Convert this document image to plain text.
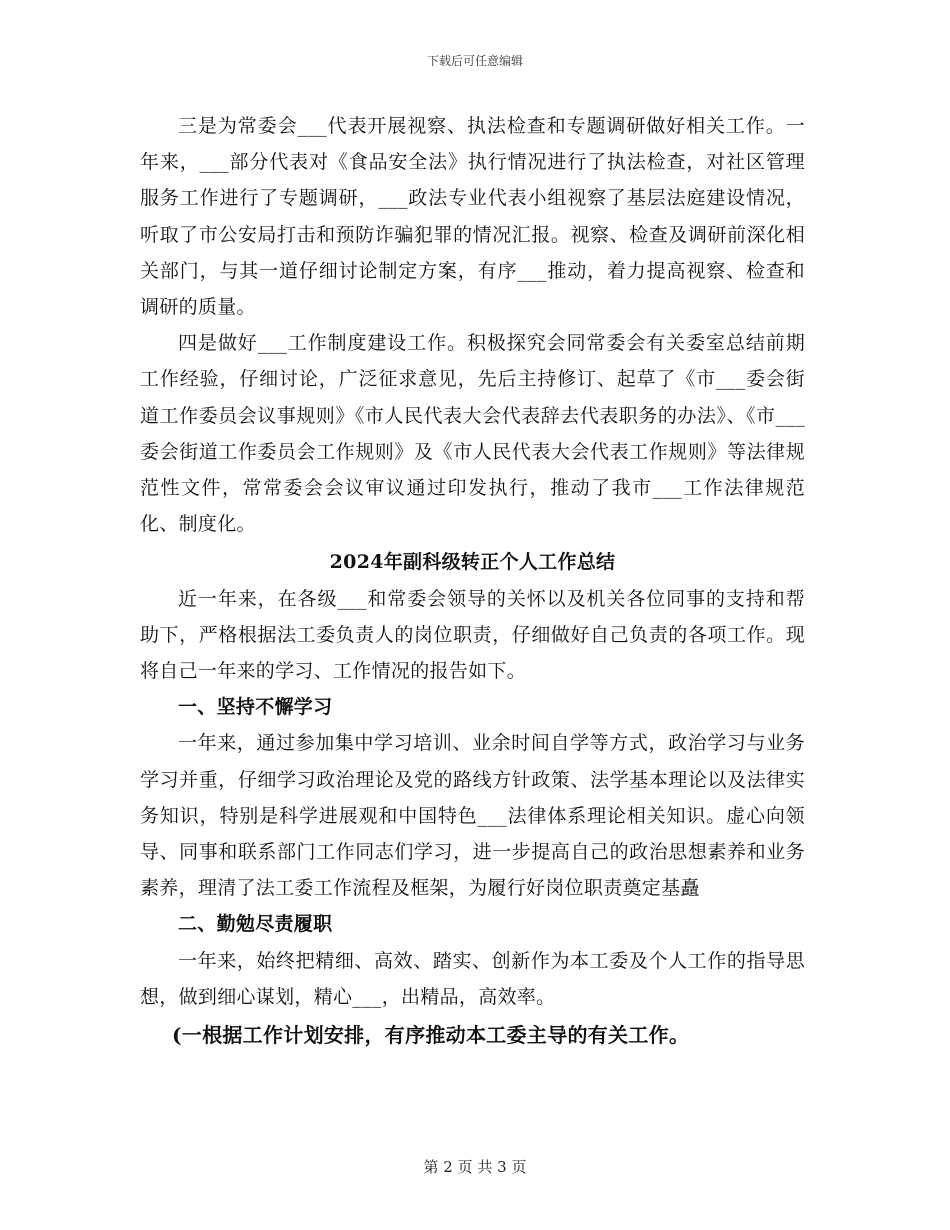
下载后可任意编辑

三是为常委会___代表开展视察、执法检查和专题调研做好相关工作。一年来，___部分代表对《食品安全法》执行情况进行了执法检查，对社区管理服务工作进行了专题调研，___政法专业代表小组视察了基层法庭建设情况，听取了市公安局打击和预防诈骗犯罪的情况汇报。视察、检查及调研前深化相关部门，与其一道仔细讨论制定方案，有序___推动，着力提高视察、检查和调研的质量。

四是做好___工作制度建设工作。积极探究会同常委会有关委室总结前期工作经验，仔细讨论，广泛征求意见，先后主持修订、起草了《市___委会街道工作委员会议事规则》《市人民代表大会代表辞去代表职务的办法》、《市___委会街道工作委员会工作规则》及《市人民代表大会代表工作规则》等法律规范性文件，常常委会会议审议通过印发执行，推动了我市___工作法律规范化、制度化。

2024年副科级转正个人工作总结

近一年来，在各级___和常委会领导的关怀以及机关各位同事的支持和帮助下，严格根据法工委负责人的岗位职责，仔细做好自己负责的各项工作。现将自己一年来的学习、工作情况的报告如下。

一、坚持不懈学习

一年来，通过参加集中学习培训、业余时间自学等方式，政治学习与业务学习并重，仔细学习政治理论及党的路线方针政策、法学基本理论以及法律实务知识，特别是科学进展观和中国特色___法律体系理论相关知识。虚心向领导、同事和联系部门工作同志们学习，进一步提高自己的政治思想素养和业务素养，理清了法工委工作流程及框架，为履行好岗位职责奠定基矗

二、勤勉尽责履职

一年来，始终把精细、高效、踏实、创新作为本工委及个人工作的指导思想，做到细心谋划，精心___，出精品，高效率。

(一根据工作计划安排，有序推动本工委主导的有关工作。

第 2 页 共 3 页
